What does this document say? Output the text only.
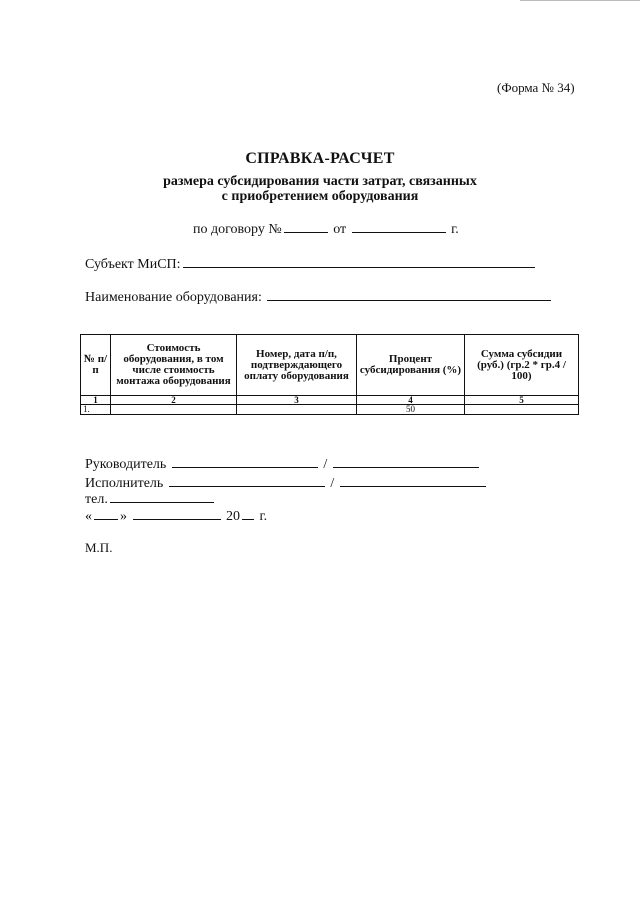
(Форма № 34)
СПРАВКА-РАСЧЕТ
размера субсидирования части затрат, связанных
с приобретением оборудования
по договору №	от	г.
Субъект МиСП:
Наименование оборудования:
№ п/п	Стоимость оборудования, в том числе стоимость монтажа оборудования	Номер, дата п/п, подтверждающего оплату оборудования	Процент субсидирования (%)	Сумма субсидии (руб.) (гр.2 * гр.4 / 100)
1	2	3	4	5
1.			50	
Руководитель	/
Исполнитель	/
тел.
« »	20 г.
М.П.
